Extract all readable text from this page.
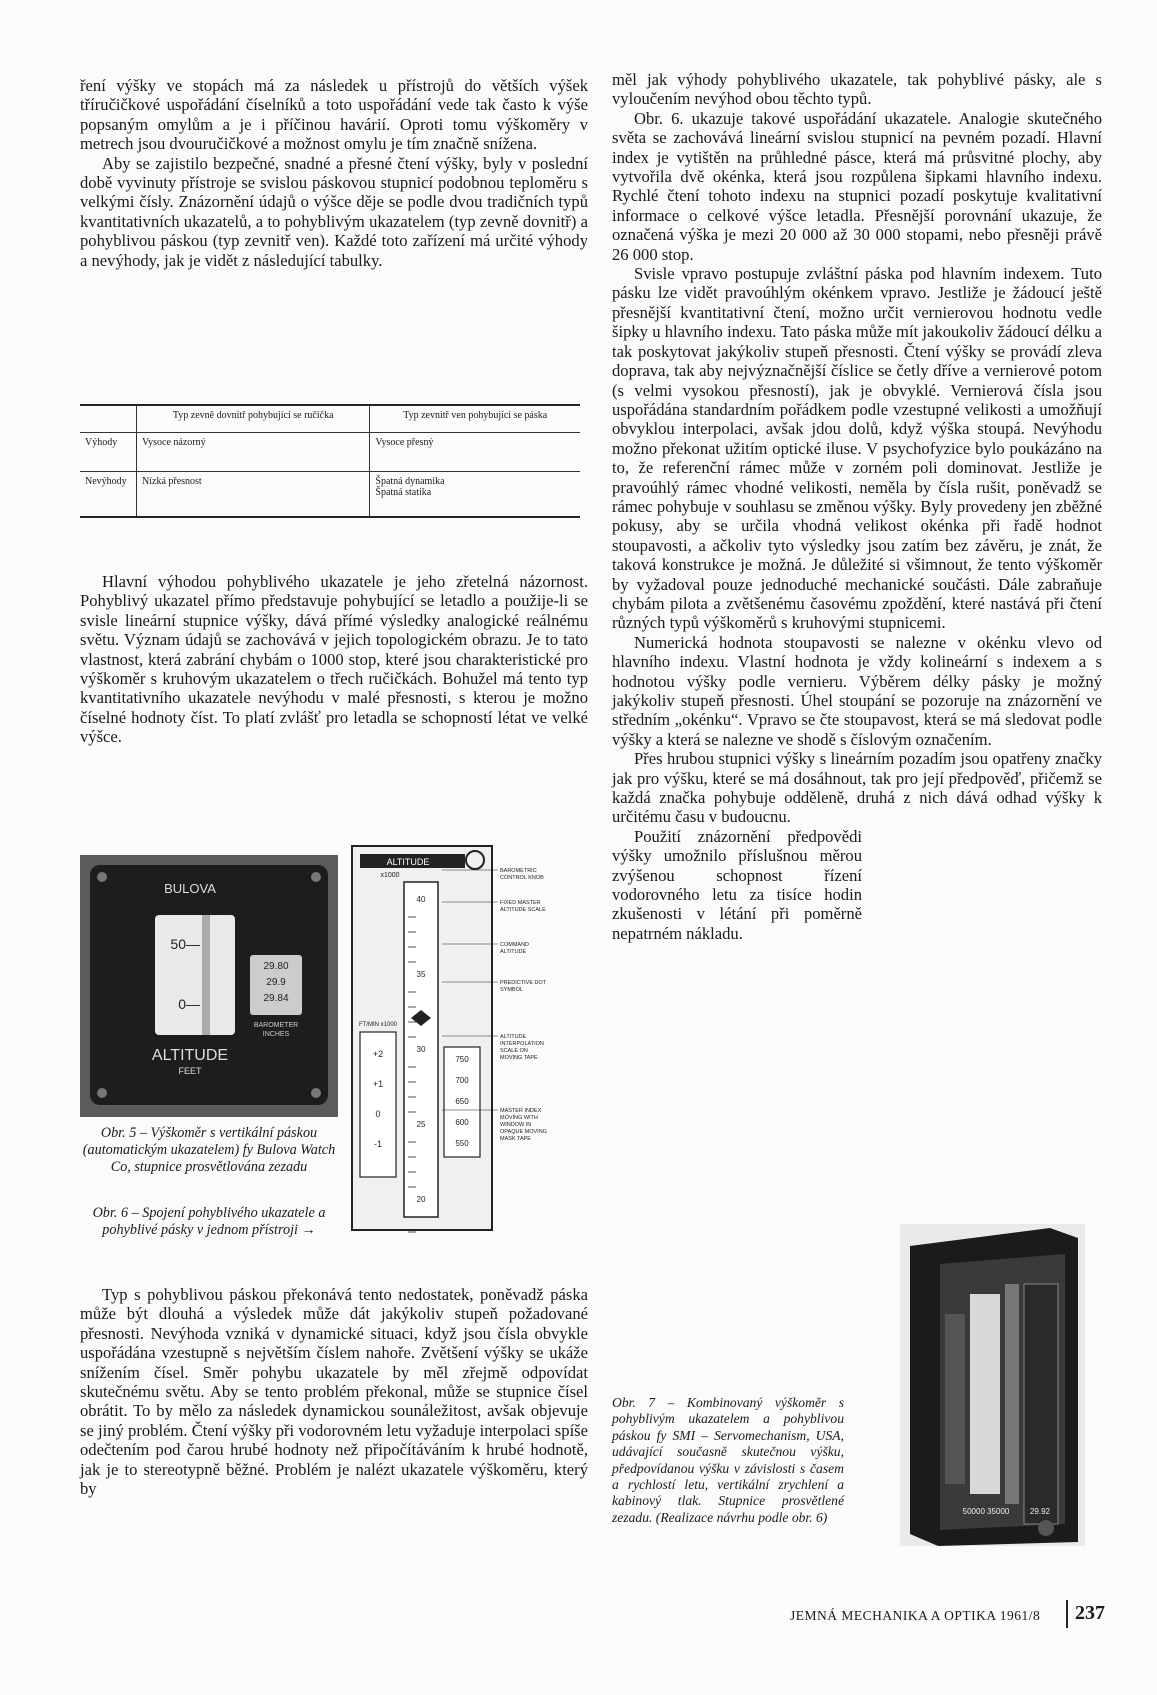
ření výšky ve stopách má za následek u přístrojů do větších výšek tříručičkové uspořádání číselníků a toto uspořádání vede tak často k výše popsaným omylům a je i příčinou havárií. Oproti tomu výškoměry v metrech jsou dvouručičkové a možnost omylu je tím značně snížena.

Aby se zajistilo bezpečné, snadné a přesné čtení výšky, byly v poslední době vyvinuty přístroje se svislou páskovou stupnicí podobnou teploměru s velkými čísly. Znázornění údajů o výšce děje se podle dvou tradičních typů kvantitativních ukazatelů, a to pohyblivým ukazatelem (typ zevně dovnitř) a pohyblivou páskou (typ zevnitř ven). Každé toto zařízení má určité výhody a nevýhody, jak je vidět z následující tabulky.

	Typ zevně dovnitř pohybující se ručička	Typ zevnitř ven pohybující se páska
Výhody	Vysoce názorný	Vysoce přesný
Nevýhody	Nízká přesnost	Špatná dynamika
Špatná statika

Hlavní výhodou pohyblivého ukazatele je jeho zřetelná názornost. Pohyblivý ukazatel přímo představuje pohybující se letadlo a použije-li se svisle lineární stupnice výšky, dává přímé výsledky analogické reálnému světu. Význam údajů se zachovává v jejich topologickém obrazu. Je to tato vlastnost, která zabrání chybám o 1000 stop, které jsou charakteristické pro výškoměr s kruhovým ukazatelem o třech ručičkách. Bohužel má tento typ kvantitativního ukazatele nevýhodu v malé přesnosti, s kterou je možno číselné hodnoty číst. To platí zvlášť pro letadla se schopností létat ve velké výšce.

BULOVA
50—
0—
29.80
29.9
29.84
BAROMETER
INCHES
ALTITUDE
FEET
Obr. 5 – Výškoměr s vertikální páskou (automatickým ukazatelem) fy Bulova Watch Co, stupnice prosvětlována zezadu
ALTITUDE
x1000
40
35
30
25
20
FT/MIN x1000
+2
+1
0
-1
750
700
650
600
550
BAROMETRIC
CONTROL KNOB
FIXED MASTER
ALTITUDE SCALE
COMMAND
ALTITUDE
PREDICTIVE DOT
SYMBOL
ALTITUDE
INTERPOLATION
SCALE ON
MOVING TAPE
MASTER INDEX
MOVING WITH
WINDOW IN
OPAQUE MOVING
MASK TAPE
Obr. 6 – Spojení pohyblivého ukazatele a pohyblivé pásky v jednom přístroji →

Typ s pohyblivou páskou překonává tento nedostatek, poněvadž páska může být dlouhá a výsledek může dát jakýkoliv stupeň požadované přesnosti. Nevýhoda vzniká v dynamické situaci, když jsou čísla obvykle uspořádána vzestupně s největším číslem nahoře. Zvětšení výšky se ukáže snížením čísel. Směr pohybu ukazatele by měl zřejmě odpovídat skutečnému světu. Aby se tento problém překonal, může se stupnice čísel obrátit. To by mělo za následek dynamickou sounáležitost, avšak objevuje se jiný problém. Čtení výšky při vodorovném letu vyžaduje interpolaci spíše odečtením pod čarou hrubé hodnoty než připočítáváním k hrubé hodnotě, jak je to stereotypně běžné. Problém je nalézt ukazatele výškoměru, který by

měl jak výhody pohyblivého ukazatele, tak pohyblivé pásky, ale s vyloučením nevýhod obou těchto typů.

Obr. 6. ukazuje takové uspořádání ukazatele. Analogie skutečného světa se zachovává lineární svislou stupnicí na pevném pozadí. Hlavní index je vytištěn na průhledné pásce, která má průsvitné plochy, aby vytvořila dvě okénka, která jsou rozpůlena šipkami hlavního indexu. Rychlé čtení tohoto indexu na stupnici pozadí poskytuje kvalitativní informace o celkové výšce letadla. Přesnější porovnání ukazuje, že označená výška je mezi 20 000 až 30 000 stopami, nebo přesněji právě 26 000 stop.

Svisle vpravo postupuje zvláštní páska pod hlavním indexem. Tuto pásku lze vidět pravoúhlým okénkem vpravo. Jestliže je žádoucí ještě přesnější kvantitativní čtení, možno určit vernierovou hodnotu vedle šipky u hlavního indexu. Tato páska může mít jakoukoliv žádoucí délku a tak poskytovat jakýkoliv stupeň přesnosti. Čtení výšky se provádí zleva doprava, tak aby nejvýznačnější číslice se četly dříve a vernierové potom (s velmi vysokou přesností), jak je obvyklé. Vernierová čísla jsou uspořádána standardním pořádkem podle vzestupné velikosti a umožňují obvyklou interpolaci, avšak jdou dolů, když výška stoupá. Nevýhodu možno překonat užitím optické iluse. V psychofyzice bylo poukázáno na to, že referenční rámec může v zorném poli dominovat. Jestliže je pravoúhlý rámec vhodné velikosti, neměla by čísla rušit, poněvadž se rámec pohybuje v souhlasu se změnou výšky. Byly provedeny jen zběžné pokusy, aby se určila vhodná velikost okénka při řadě hodnot stoupavosti, a ačkoliv tyto výsledky jsou zatím bez závěru, je znát, že taková konstrukce je možná. Je důležité si všimnout, že tento výškoměr by vyžadoval pouze jednoduché mechanické součásti. Dále zabraňuje chybám pilota a zvětšenému časovému zpoždění, které nastává při čtení různých typů výškoměrů s kruhovými stupnicemi.

Numerická hodnota stoupavosti se nalezne v okénku vlevo od hlavního indexu. Vlastní hodnota je vždy kolineární s indexem a s hodnotou výšky podle vernieru. Výběrem délky pásky je možný jakýkoliv stupeň přesnosti. Úhel stoupání se pozoruje na znázornění ve středním „okénku“. Vpravo se čte stoupavost, která se má sledovat podle výšky a která se nalezne ve shodě s číslovým označením.

Přes hrubou stupnici výšky s lineárním pozadím jsou opatřeny značky jak pro výšku, které se má dosáhnout, tak pro její předpověď, přičemž se každá značka pohybuje odděleně, druhá z nich dává odhad výšky k určitému času v budoucnu.

Použití znázornění předpovědi výšky umožnilo příslušnou měrou zvýšenou schopnost řízení vodorovného letu za tisíce hodin zkušenosti v létání při poměrně nepatrném nákladu.

50000 35000	29.92
Obr. 7 – Kombinovaný výškoměr s pohyblivým ukazatelem a pohyblivou páskou fy SMI – Servomechanism, USA, udávající současně skutečnou výšku, předpovídanou výšku v závislosti s časem a rychlostí letu, vertikální zrychlení a kabinový tlak. Stupnice prosvětlené zezadu. (Realizace návrhu podle obr. 6)
JEMNÁ MECHANIKA A OPTIKA 1961/8 237
